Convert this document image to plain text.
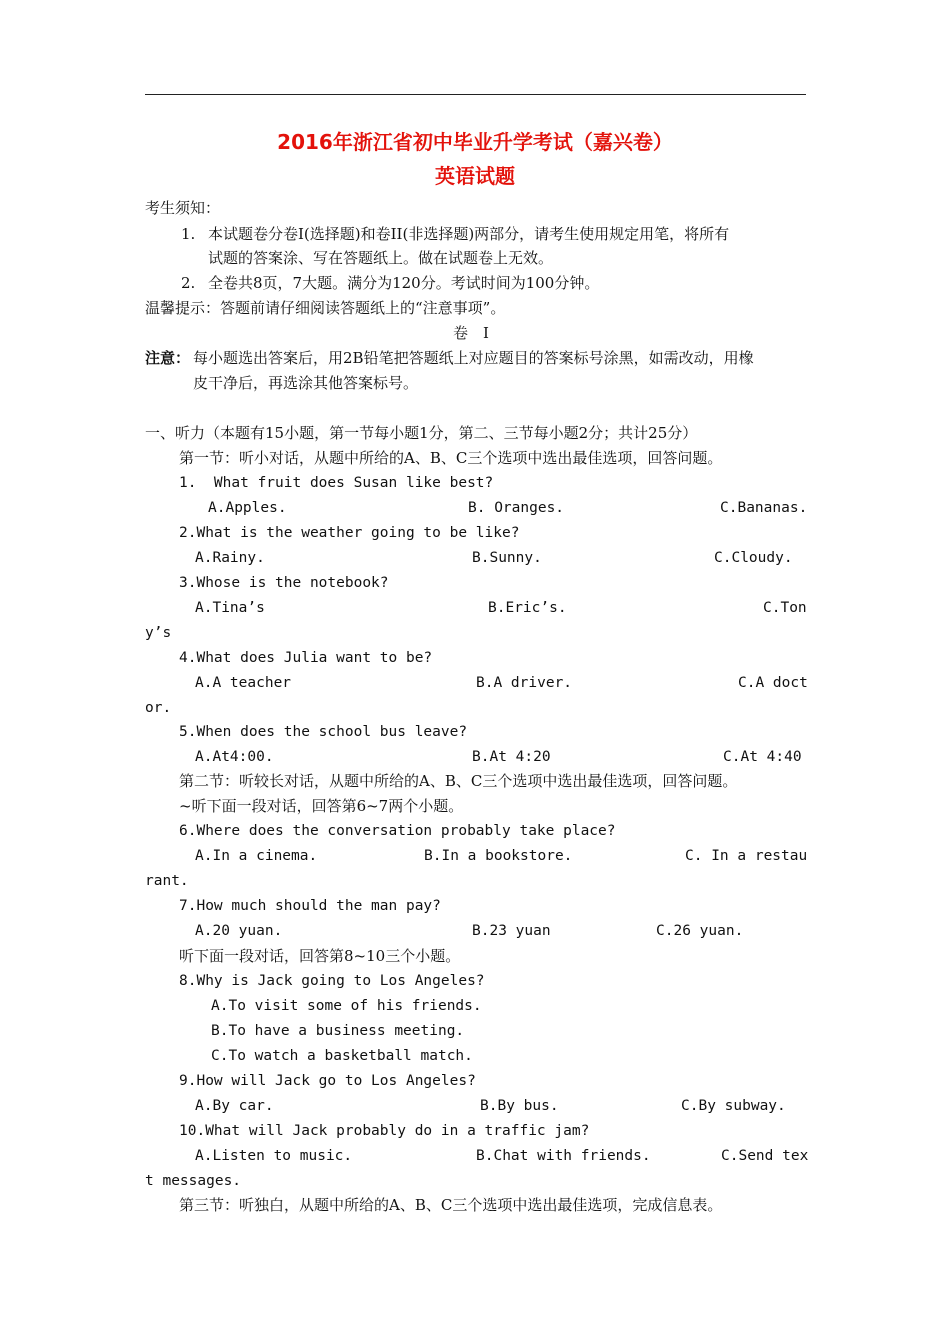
2016年浙江省初中毕业升学考试（嘉兴卷）
英语试题
考生须知：
1. 本试题卷分卷Ⅰ(选择题)和卷II(非选择题)两部分，请考生使用规定用笔，将所有
试题的答案涂、写在答题纸上。做在试题卷上无效。
2. 全卷共8页，7大题。满分为120分。考试时间为100分钟。
温馨提示：答题前请仔细阅读答题纸上的“注意事项”。
卷　Ⅰ
注意： 每小题选出答案后，用2B铅笔把答题纸上对应题目的答案标号涂黑，如需改动，用橡
皮干净后，再选涂其他答案标号。
一、听力（本题有15小题，第一节每小题1分，第二、三节每小题2分；共计25分）
第一节：听小对话，从题中所给的A、B、C三个选项中选出最佳选项，回答问题。
1.  What fruit does Susan like best?
A.Apples.	B. Oranges.	C.Bananas.
2.What is the weather going to be like?
A.Rainy.	B.Sunny.	C.Cloudy.
3.Whose is the notebook?
A.Tina’s	B.Eric’s.	C.Ton
y’s
4.What does Julia want to be?
A.A teacher	B.A driver.	C.A doct
or.
5.When does the school bus leave?
A.At4:00.	B.At 4:20	C.At 4:40
第二节：听较长对话，从题中所给的A、B、C三个选项中选出最佳选项，回答问题。
~听下面一段对话，回答第6~7两个小题。
6.Where does the conversation probably take place?
A.In a cinema.	B.In a bookstore.	C. In a restau
rant.
7.How much should the man pay?
A.20 yuan.	B.23 yuan	C.26 yuan.
听下面一段对话，回答第8~10三个小题。
8.Why is Jack going to Los Angeles?
A.To visit some of his friends.
B.To have a business meeting.
C.To watch a basketball match.
9.How will Jack go to Los Angeles?
A.By car.	B.By bus.	C.By subway.
10.What will Jack probably do in a traffic jam?
A.Listen to music.	B.Chat with friends.	C.Send tex
t messages.
第三节：听独白，从题中所给的A、B、C三个选项中选出最佳选项，完成信息表。
